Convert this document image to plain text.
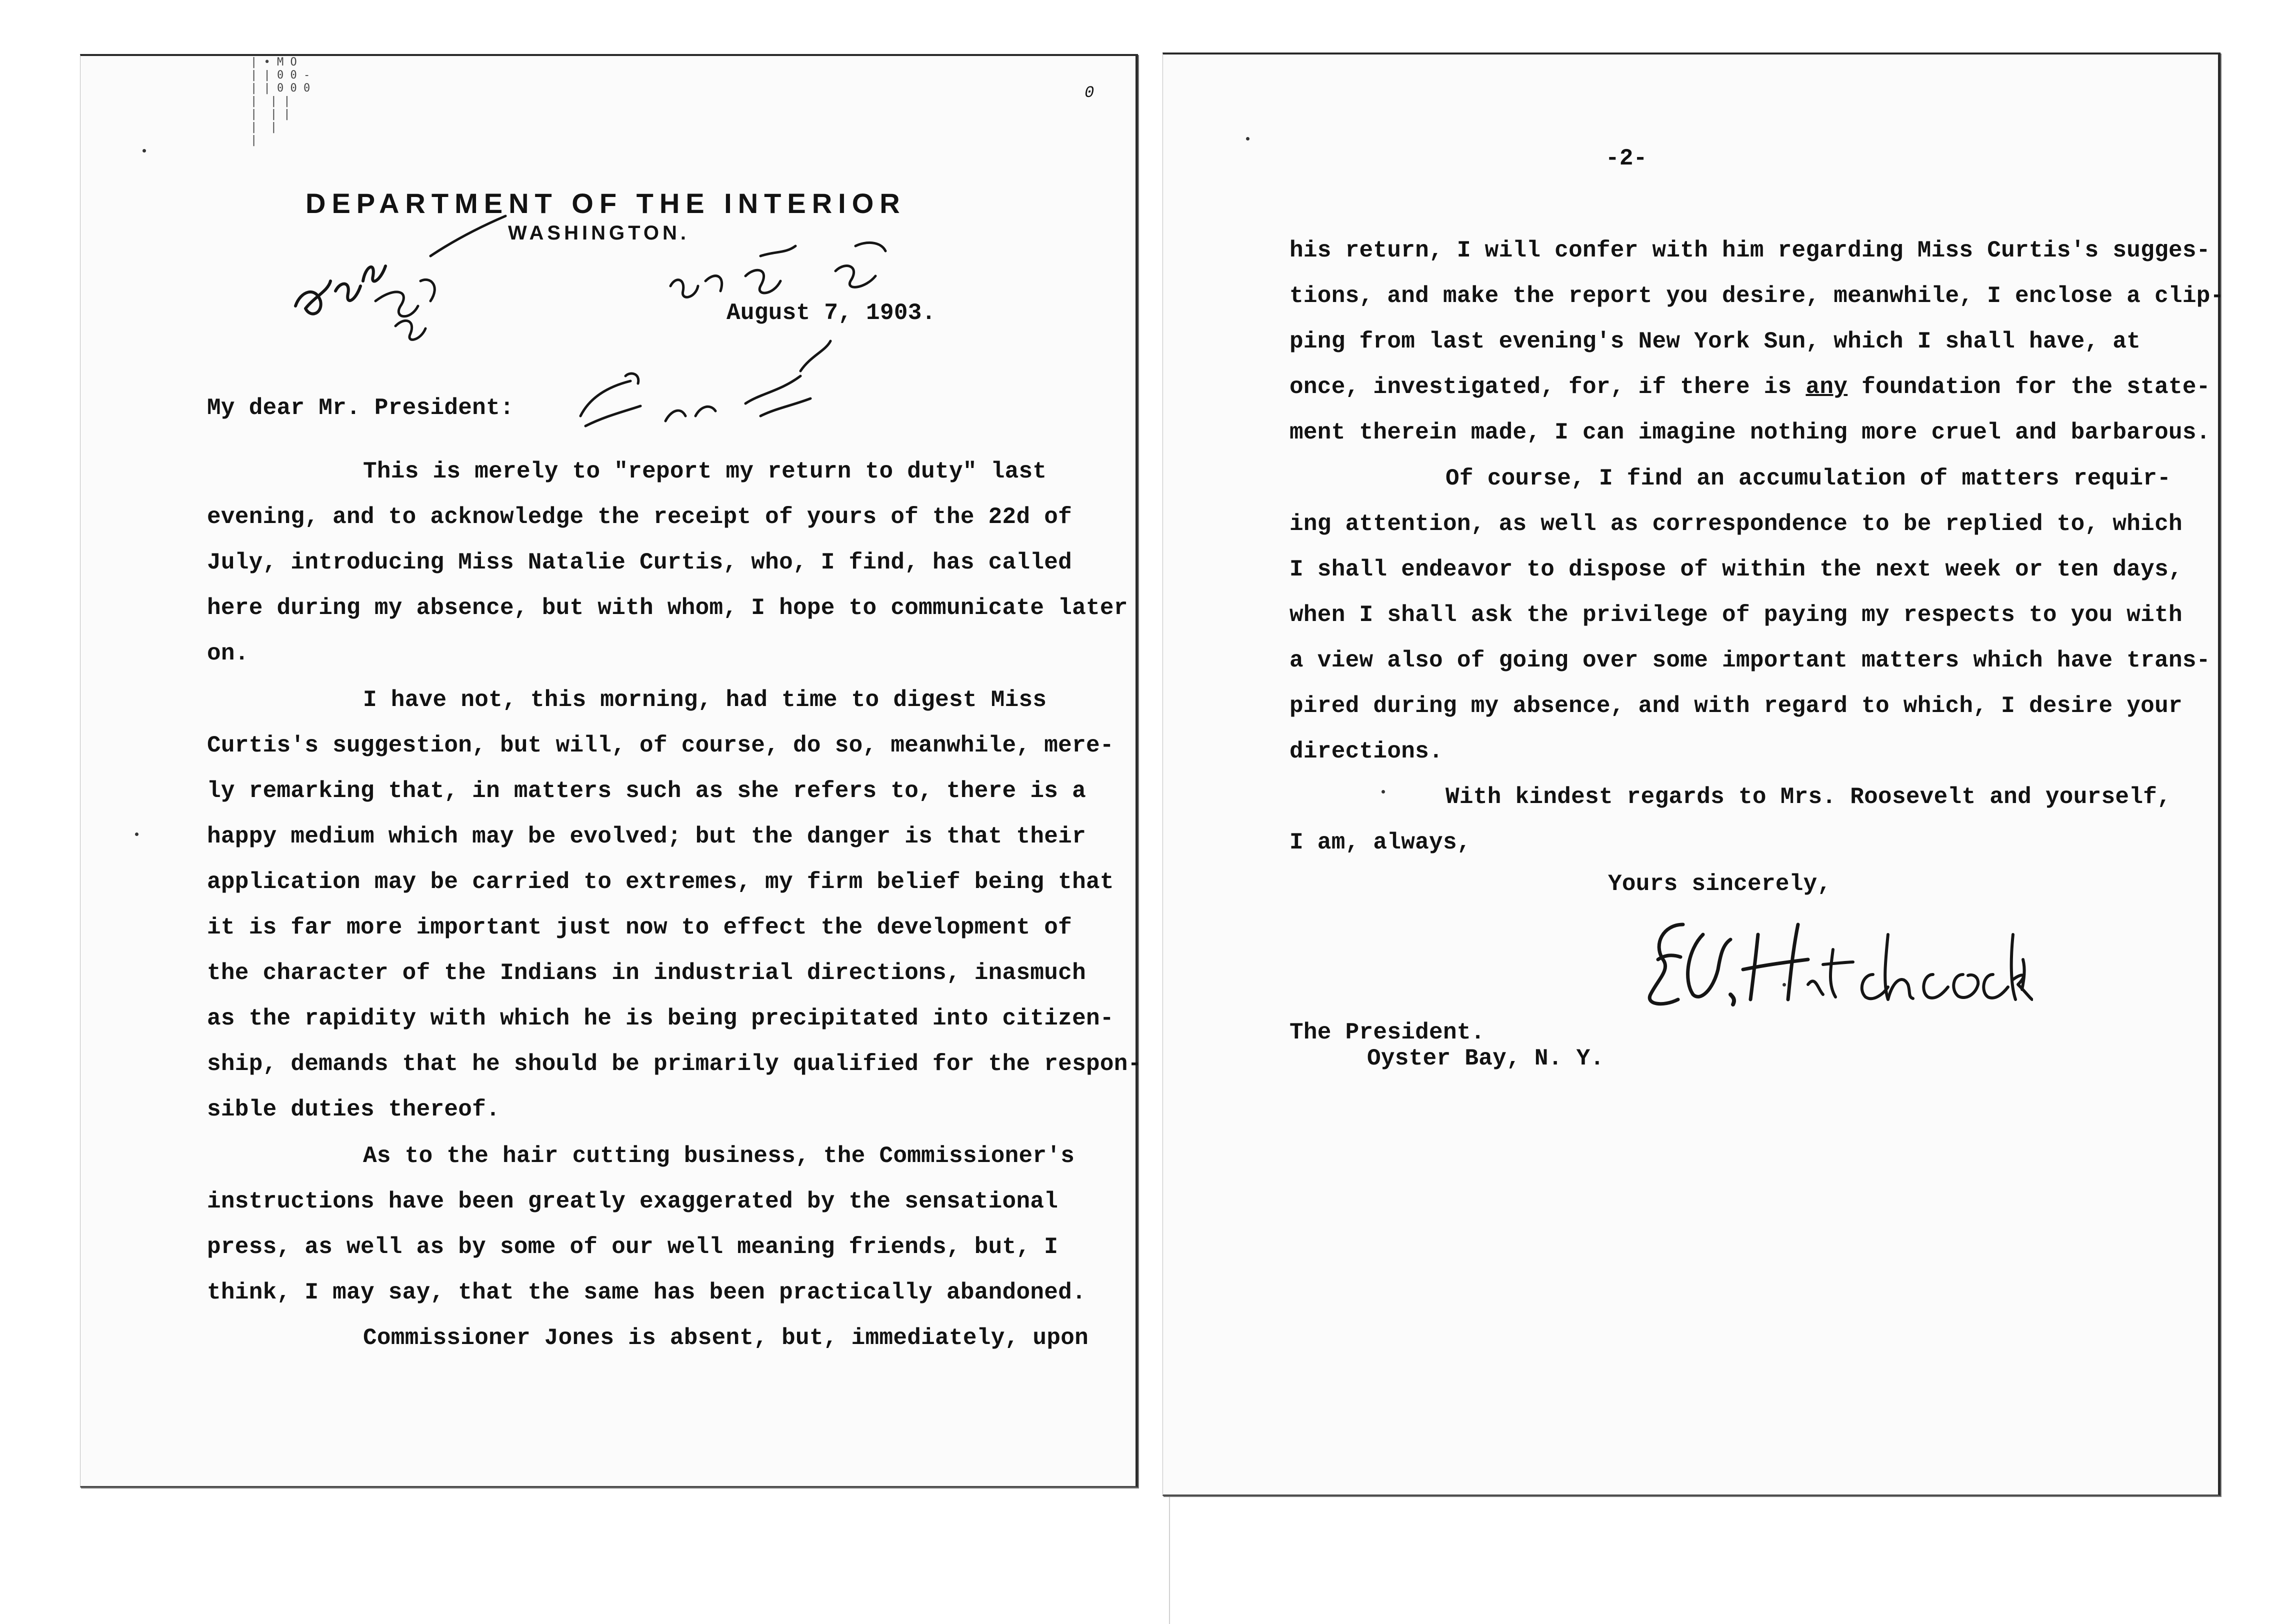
| • M O
| | 0 0 -
| | 0 0 0
|  | |
|  | |
|  |
|
0
DEPARTMENT OF THE INTERIOR
WASHINGTON.
August 7, 1903.
My dear Mr. President:
This is merely to "report my return to duty" last
evening, and to acknowledge the receipt of yours of the 22d of
July, introducing Miss Natalie Curtis, who, I find, has called
here during my absence, but with whom, I hope to communicate later
on.
I have not, this morning, had time to digest Miss
Curtis's suggestion, but will, of course, do so, meanwhile, mere-
ly remarking that, in matters such as she refers to, there is a
happy medium which may be evolved; but the danger is that their
application may be carried to extremes, my firm belief being that
it is far more important just now to effect the development of
the character of the Indians in industrial directions, inasmuch
as the rapidity with which he is being precipitated into citizen-
ship, demands that he should be primarily qualified for the respon-
sible duties thereof.
As to the hair cutting business, the Commissioner's
instructions have been greatly exaggerated by the sensational
press, as well as by some of our well meaning friends, but, I
think, I may say, that the same has been practically abandoned.
Commissioner Jones is absent, but, immediately, upon
-2-
his return, I will confer with him regarding Miss Curtis's sugges-
tions, and make the report you desire, meanwhile, I enclose a clip-
ping from last evening's New York Sun, which I shall have, at
once, investigated, for, if there is any foundation for the state-
ment therein made, I can imagine nothing more cruel and barbarous.
Of course, I find an accumulation of matters requir-
ing attention, as well as correspondence to be replied to, which
I shall endeavor to dispose of within the next week or ten days,
when I shall ask the privilege of paying my respects to you with
a view also of going over some important matters which have trans-
pired during my absence, and with regard to which, I desire your
directions.
With kindest regards to Mrs. Roosevelt and yourself,
I am, always,
Yours sincerely,
The President.
Oyster Bay, N. Y.
